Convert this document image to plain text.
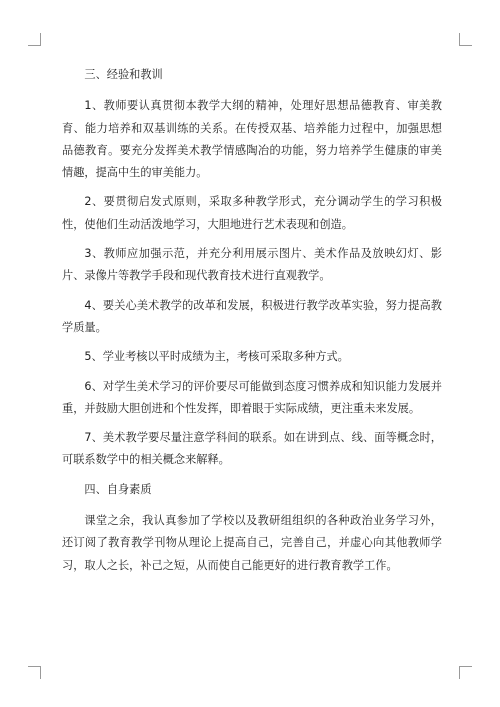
三、经验和教训

1、教师要认真贯彻本教学大纲的精神，处理好思想品德教育、审美教育、能力培养和双基训练的关系。在传授双基、培养能力过程中，加强思想品德教育。要充分发挥美术教学情感陶冶的功能，努力培养学生健康的审美情趣，提高中生的审美能力。

2、要贯彻启发式原则，采取多种教学形式，充分调动学生的学习积极性，使他们生动活泼地学习，大胆地进行艺术表现和创造。

3、教师应加强示范，并充分利用展示图片、美术作品及放映幻灯、影片、录像片等教学手段和现代教育技术进行直观教学。

4、要关心美术教学的改革和发展，积极进行教学改革实验，努力提高教学质量。

5、学业考核以平时成绩为主，考核可采取多种方式。

6、对学生美术学习的评价要尽可能做到态度习惯养成和知识能力发展并重，并鼓励大胆创进和个性发挥，即着眼于实际成绩，更注重未来发展。

7、美术教学要尽量注意学科间的联系。如在讲到点、线、面等概念时，可联系数学中的相关概念来解释。

四、自身素质

课堂之余，我认真参加了学校以及教研组组织的各种政治业务学习外，还订阅了教育教学刊物从理论上提高自己，完善自己，并虚心向其他教师学习，取人之长，补己之短，从而使自己能更好的进行教育教学工作。
